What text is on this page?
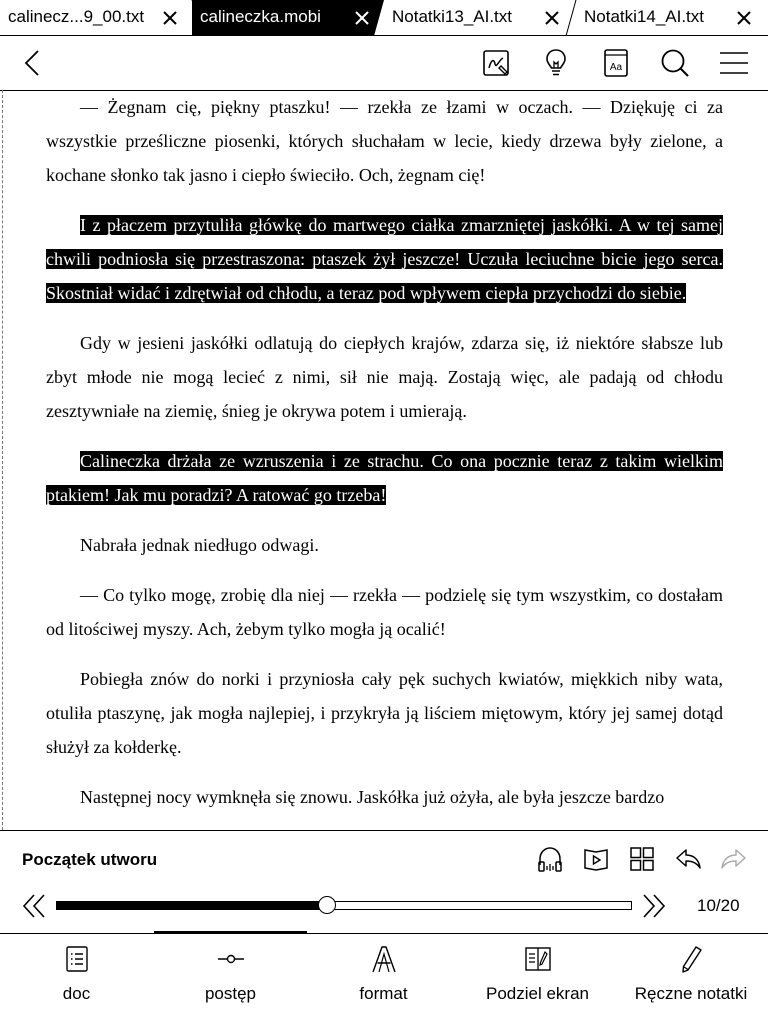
calinecz...9_00.txt	calineczka.mobi	Notatki13_AI.txt	Notatki14_AI.txt
Aa

— Żegnam cię, piękny ptaszku! — rzekła ze łzami w oczach. — Dziękuję ci za wszystkie prześliczne piosenki, których słuchałam w lecie, kiedy drzewa były zielone, a kochane słonko tak jasno i ciepło świeciło. Och, żegnam cię!

I z płaczem przytuliła główkę do martwego ciałka zmarzniętej jaskółki. A w tej samej chwili podniosła się przestraszona: ptaszek żył jeszcze! Uczuła leciuchne bicie jego serca. Skostniał widać i zdrętwiał od chłodu, a teraz pod wpływem ciepła przychodzi do siebie.

Gdy w jesieni jaskółki odlatują do ciepłych krajów, zdarza się, iż niektóre słabsze lub zbyt młode nie mogą lecieć z nimi, sił nie mają. Zostają więc, ale padają od chłodu zesztywniałe na ziemię, śnieg je okrywa potem i umierają.

Calineczka drżała ze wzruszenia i ze strachu. Co ona pocznie teraz z takim wielkim ptakiem! Jak mu poradzi? A ratować go trzeba!

Nabrała jednak niedługo odwagi.

— Co tylko mogę, zrobię dla niej — rzekła — podzielę się tym wszystkim, co dostałam od litościwej myszy. Ach, żebym tylko mogła ją ocalić!

Pobiegła znów do norki i przyniosła cały pęk suchych kwiatów, miękkich niby wata, otuliła ptaszynę, jak mogła najlepiej, i przykryła ją liściem miętowym, który jej samej dotąd służył za kołderkę.

Następnej nocy wymknęła się znowu. Jaskółka już ożyła, ale była jeszcze bardzo

Początek utworu
10/20
doc	postęp	format	Podziel ekran	Ręczne notatki
